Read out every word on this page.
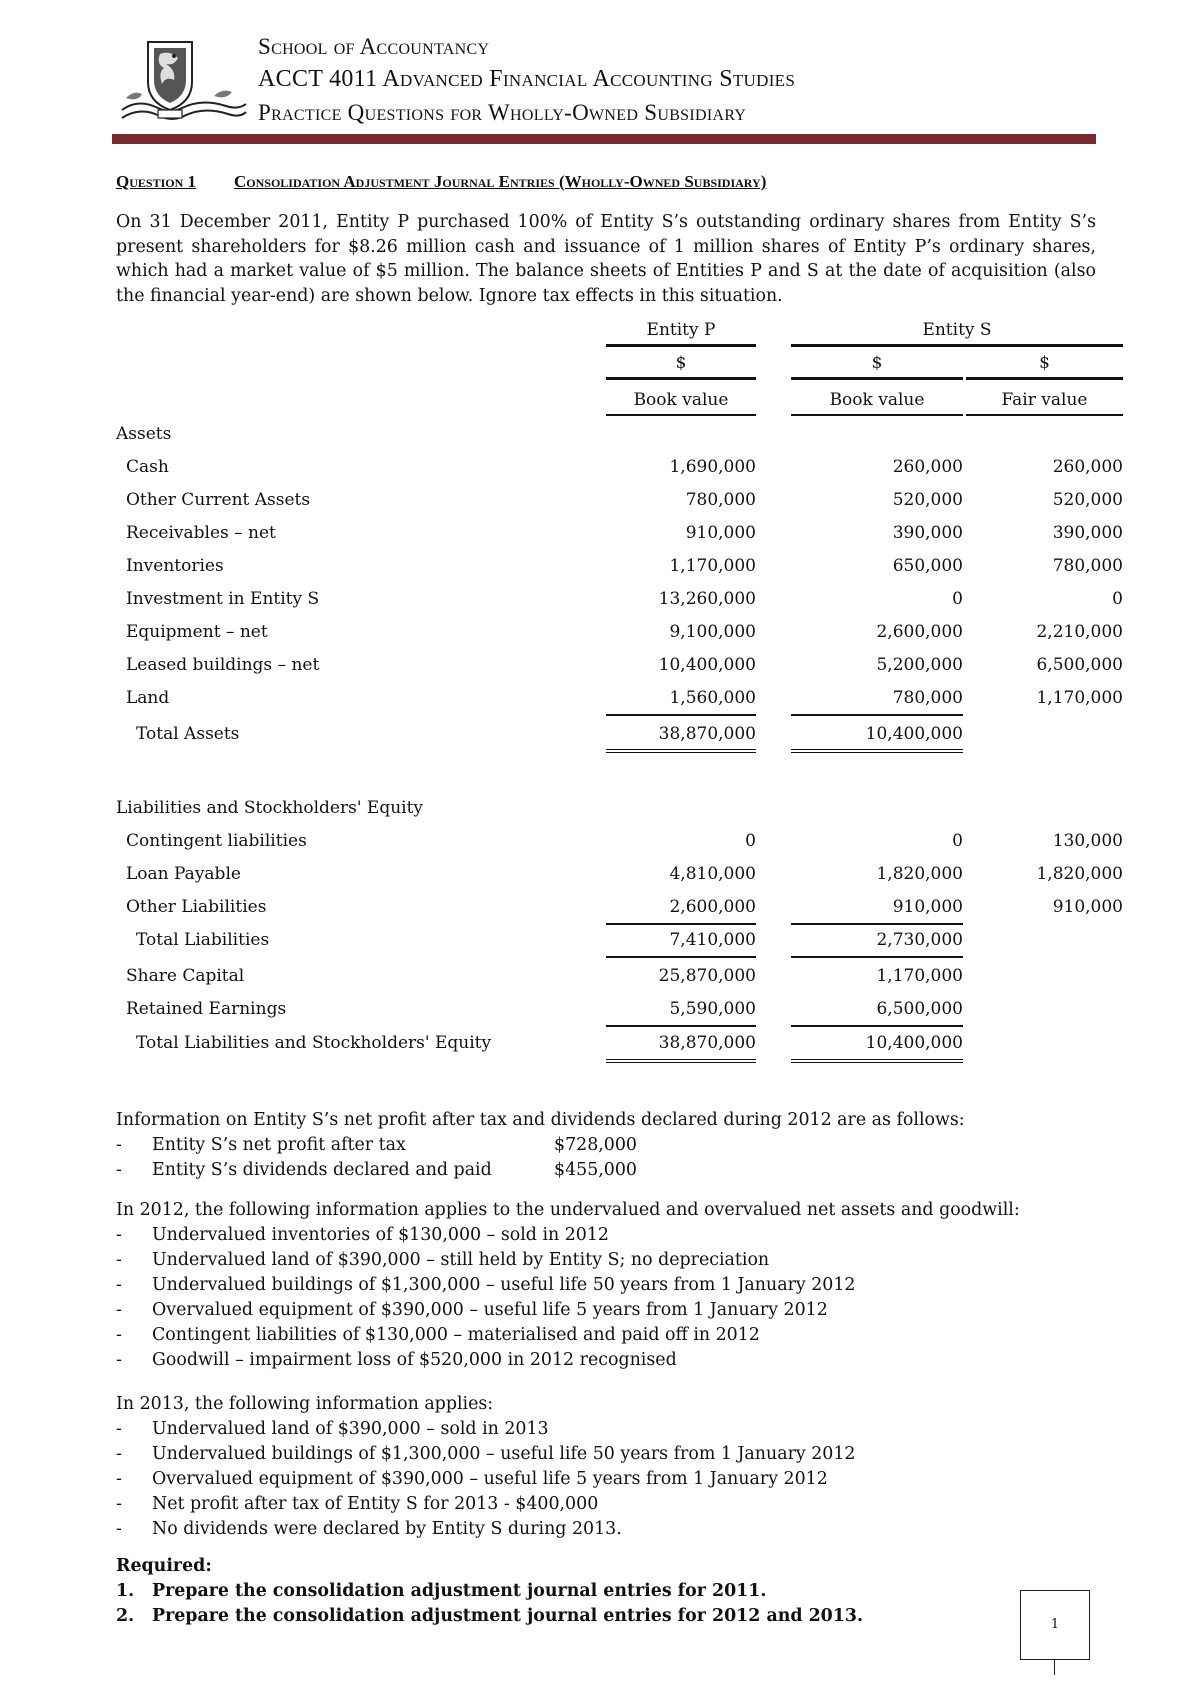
School of Accountancy
ACCT 4011 Advanced Financial Accounting Studies
Practice Questions for Wholly-Owned Subsidiary
Question 1 Consolidation Adjustment Journal Entries (Wholly-Owned Subsidiary)
On 31 December 2011, Entity P purchased 100% of Entity S’s outstanding ordinary shares from Entity S’s present shareholders for $8.26 million cash and issuance of 1 million shares of Entity P’s ordinary shares, which had a market value of $5 million. The balance sheets of Entities P and S at the date of acquisition (also the financial year-end) are shown below. Ignore tax effects in this situation.
Entity P	Entity S
$	$	$
Book value	Book value	Fair value
Assets
Cash	1,690,000	260,000	260,000
Other Current Assets	780,000	520,000	520,000
Receivables – net	910,000	390,000	390,000
Inventories	1,170,000	650,000	780,000
Investment in Entity S	13,260,000	0	0
Equipment – net	9,100,000	2,600,000	2,210,000
Leased buildings – net	10,400,000	5,200,000	6,500,000
Land	1,560,000	780,000	1,170,000
Total Assets	38,870,000	10,400,000
Liabilities and Stockholders' Equity
Contingent liabilities	0	0	130,000
Loan Payable	4,810,000	1,820,000	1,820,000
Other Liabilities	2,600,000	910,000	910,000
Total Liabilities	7,410,000	2,730,000
Share Capital	25,870,000	1,170,000
Retained Earnings	5,590,000	6,500,000
Total Liabilities and Stockholders' Equity	38,870,000	10,400,000
Information on Entity S’s net profit after tax and dividends declared during 2012 are as follows:
- Entity S’s net profit after tax	$728,000
- Entity S’s dividends declared and paid	$455,000
In 2012, the following information applies to the undervalued and overvalued net assets and goodwill:
- Undervalued inventories of $130,000 – sold in 2012
- Undervalued land of $390,000 – still held by Entity S; no depreciation
- Undervalued buildings of $1,300,000 – useful life 50 years from 1 January 2012
- Overvalued equipment of $390,000 – useful life 5 years from 1 January 2012
- Contingent liabilities of $130,000 – materialised and paid off in 2012
- Goodwill – impairment loss of $520,000 in 2012 recognised
In 2013, the following information applies:
- Undervalued land of $390,000 – sold in 2013
- Undervalued buildings of $1,300,000 – useful life 50 years from 1 January 2012
- Overvalued equipment of $390,000 – useful life 5 years from 1 January 2012
- Net profit after tax of Entity S for 2013 - $400,000
- No dividends were declared by Entity S during 2013.
Required:
1. Prepare the consolidation adjustment journal entries for 2011.
2. Prepare the consolidation adjustment journal entries for 2012 and 2013.	1
